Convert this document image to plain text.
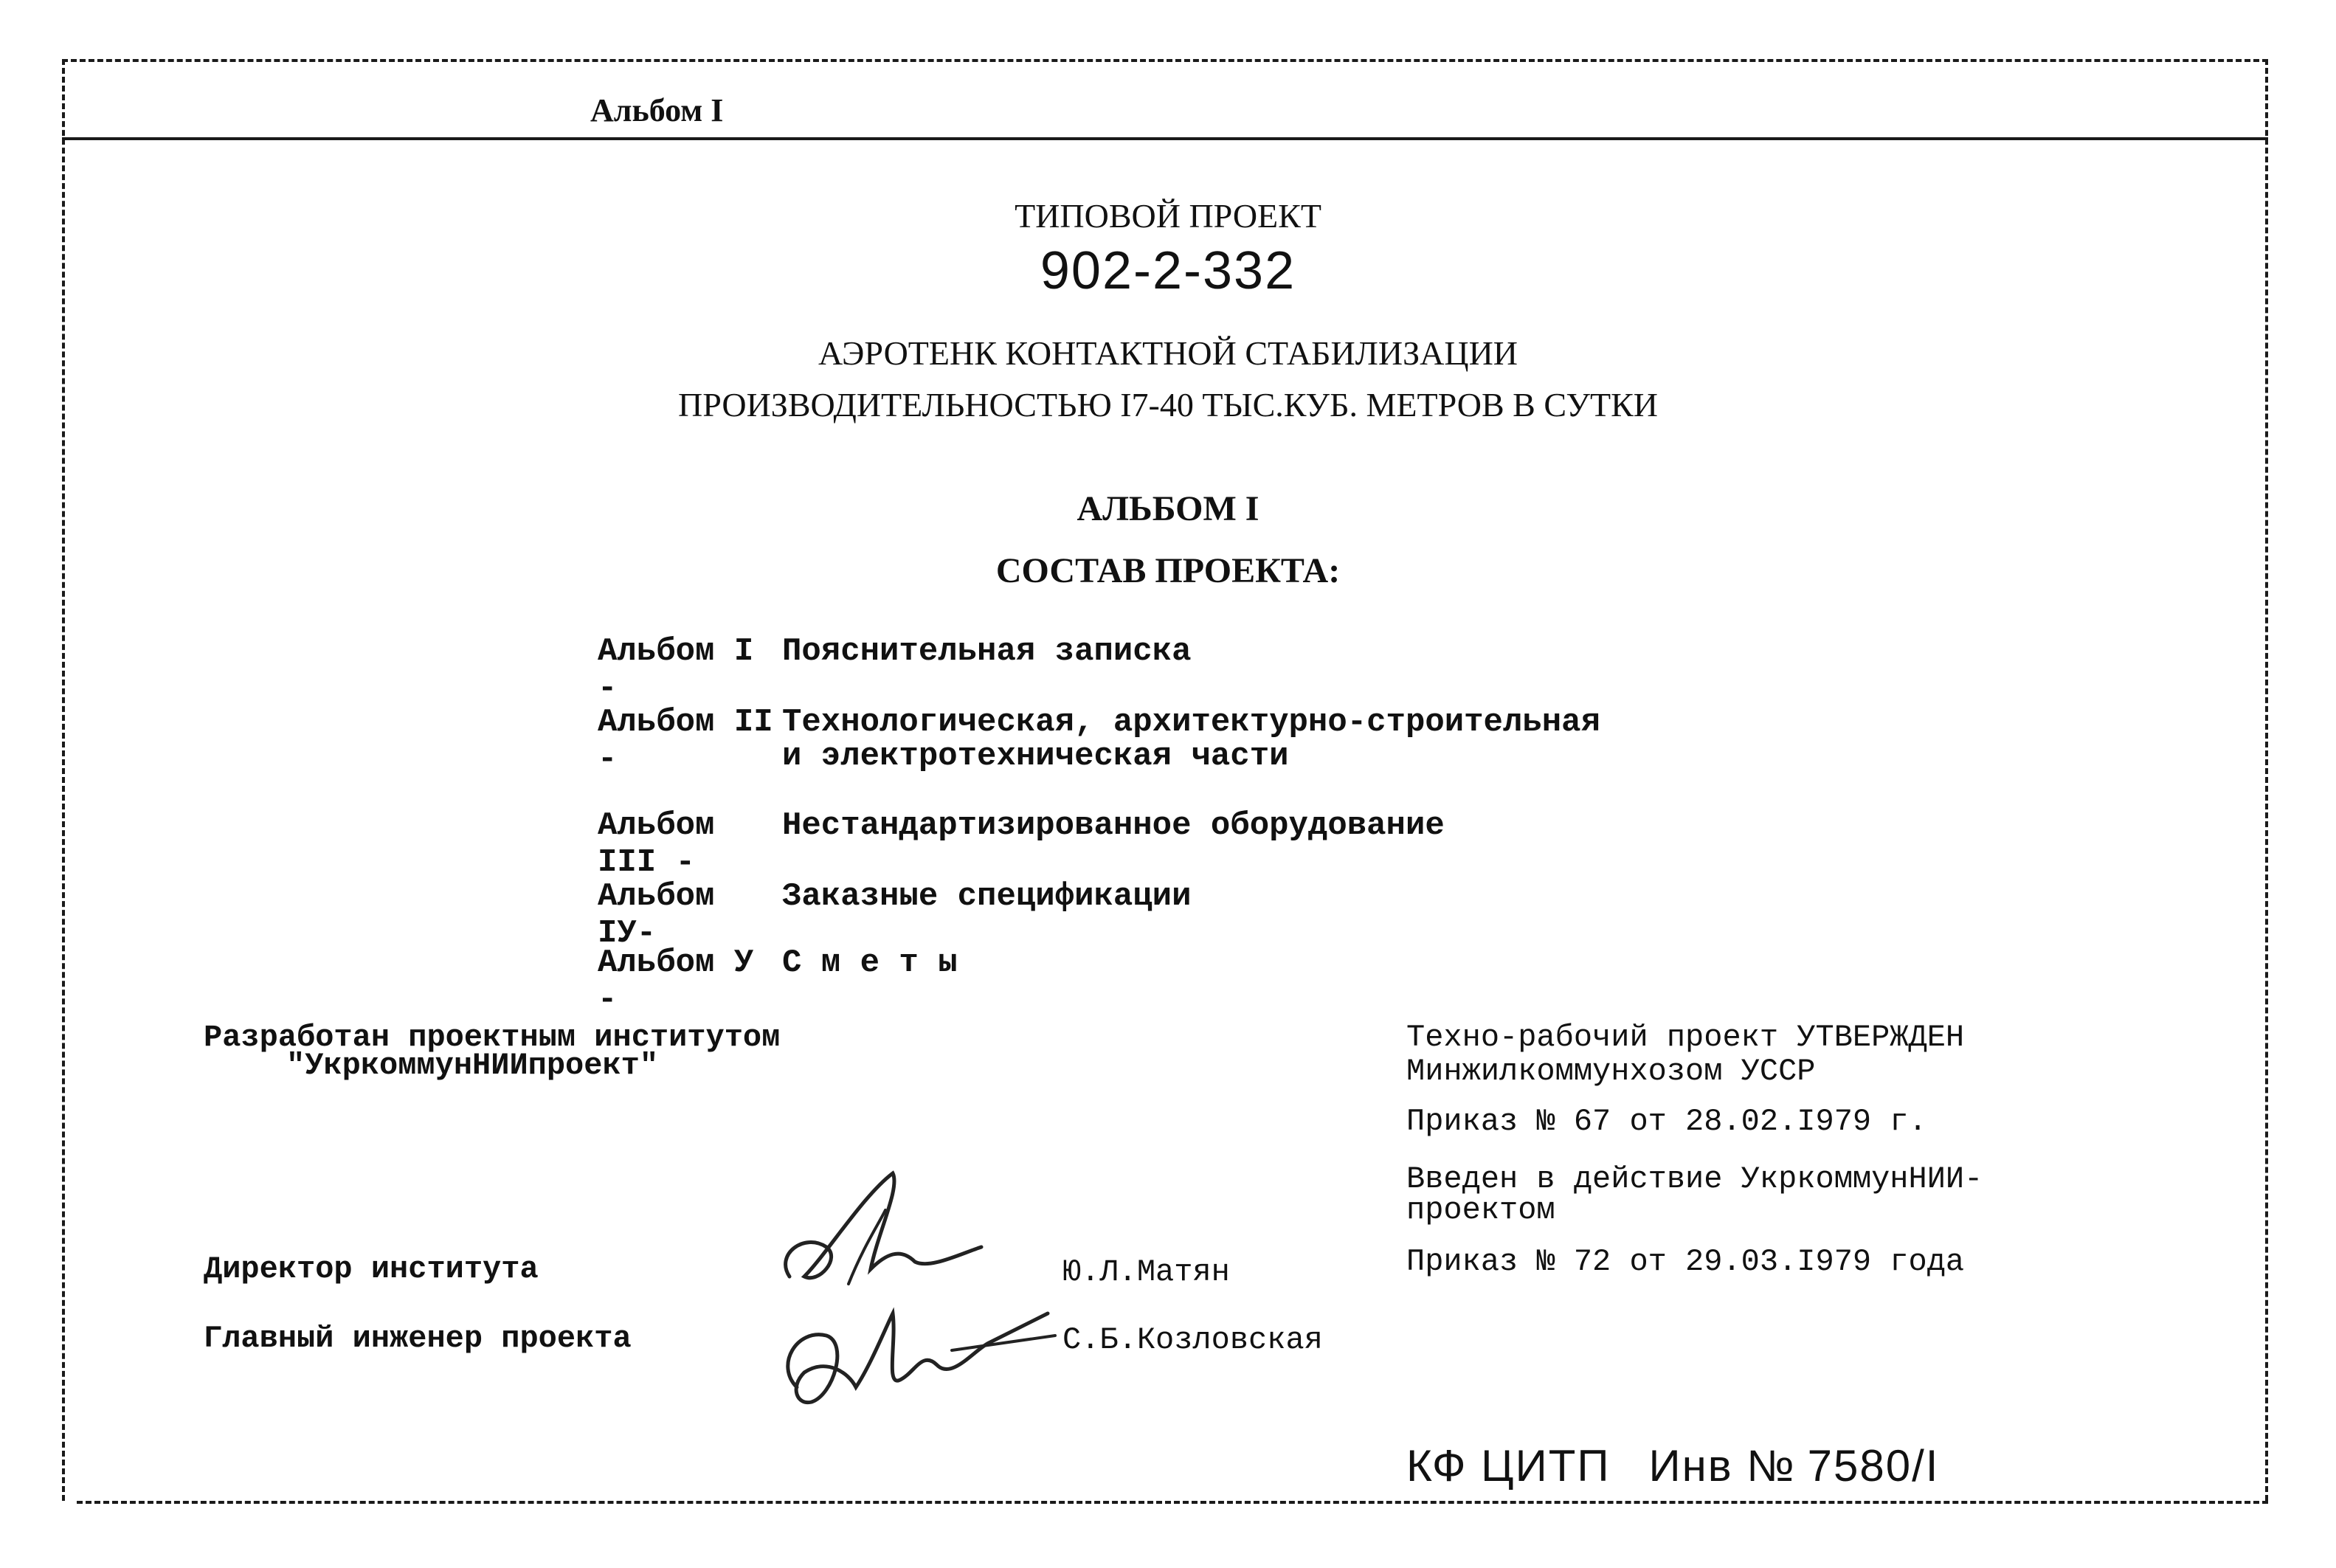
Альбом I
ТИПОВОЙ ПРОЕКТ
902-2-332
АЭРОТЕНК КОНТАКТНОЙ СТАБИЛИЗАЦИИ
ПРОИЗВОДИТЕЛЬНОСТЬЮ I7-40 ТЫС.КУБ. МЕТРОВ В СУТКИ
АЛЬБОМ I
СОСТАВ ПРОЕКТА:
Альбом I -Пояснительная записка
Альбом II -Технологическая, архитектурно-строительная
и электротехническая части
Альбом III -Нестандартизированное оборудование
Альбом IУ-Заказные спецификации
Альбом У -С м е т ы
Разработан проектным институтом
"УкркоммунНИИпроект"
Техно-рабочий проект УТВЕРЖДЕН
Минжилкоммунхозом УССР
Приказ № 67 от 28.02.I979 г.
Введен в действие УкркоммунНИИ-
проектом
Приказ № 72 от 29.03.I979 года
Директор института	Ю.Л.Матян
Главный инженер проекта	С.Б.Козловская
КФ ЦИТП Инв № 7580/I
